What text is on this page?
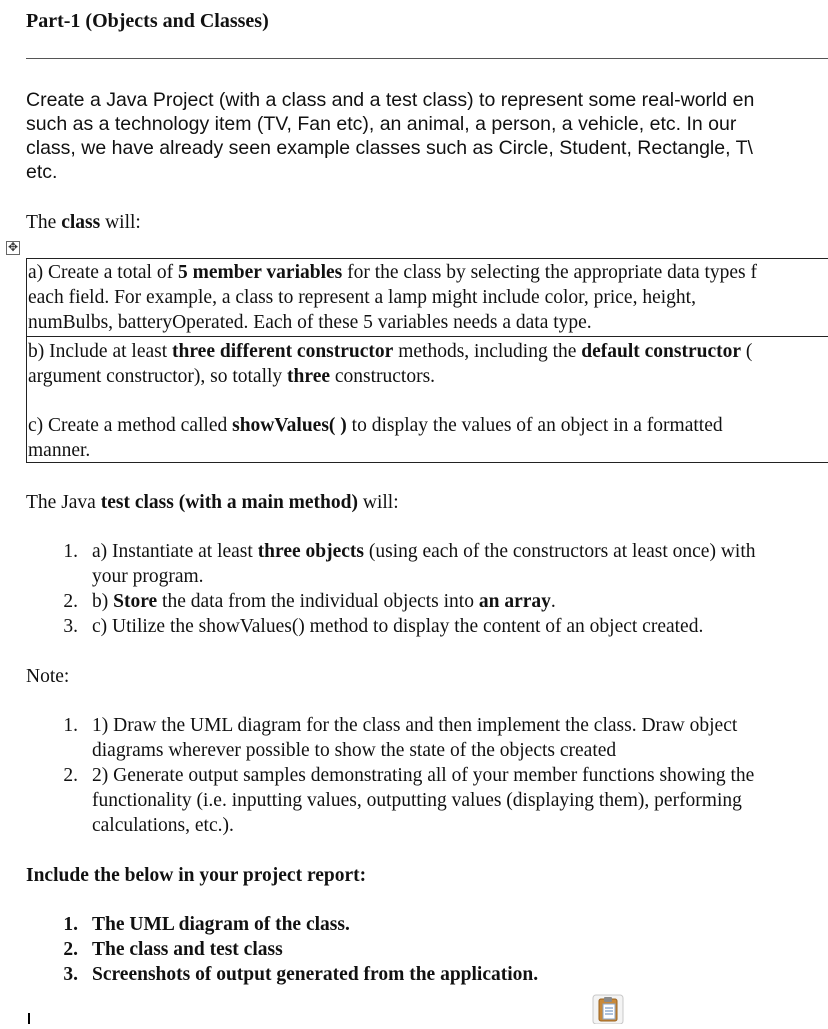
Part-1 (Objects and Classes)
Create a Java Project (with a class and a test class) to represent some real-world en
such as a technology item (TV, Fan etc), an animal, a person, a vehicle, etc. In our
class, we have already seen example classes such as Circle, Student, Rectangle, T\
etc.
The class will:
✥
a) Create a total of 5 member variables for the class by selecting the appropriate data types f
each field. For example, a class to represent a lamp might include color, price, height,
numBulbs, batteryOperated. Each of these 5 variables needs a data type.
b) Include at least three different constructor methods, including the default constructor (
argument constructor), so totally three constructors.
c) Create a method called showValues( ) to display the values of an object in a formatted
manner.
The Java test class (with a main method) will:
1. a) Instantiate at least three objects (using each of the constructors at least once) with
your program.
2. b) Store the data from the individual objects into an array.
3. c) Utilize the showValues() method to display the content of an object created.
Note:
1. 1) Draw the UML diagram for the class and then implement the class. Draw object
diagrams wherever possible to show the state of the objects created
2. 2) Generate output samples demonstrating all of your member functions showing the
functionality (i.e. inputting values, outputting values (displaying them), performing
calculations, etc.).
Include the below in your project report:
1. The UML diagram of the class.
2. The class and test class
3. Screenshots of output generated from the application.
